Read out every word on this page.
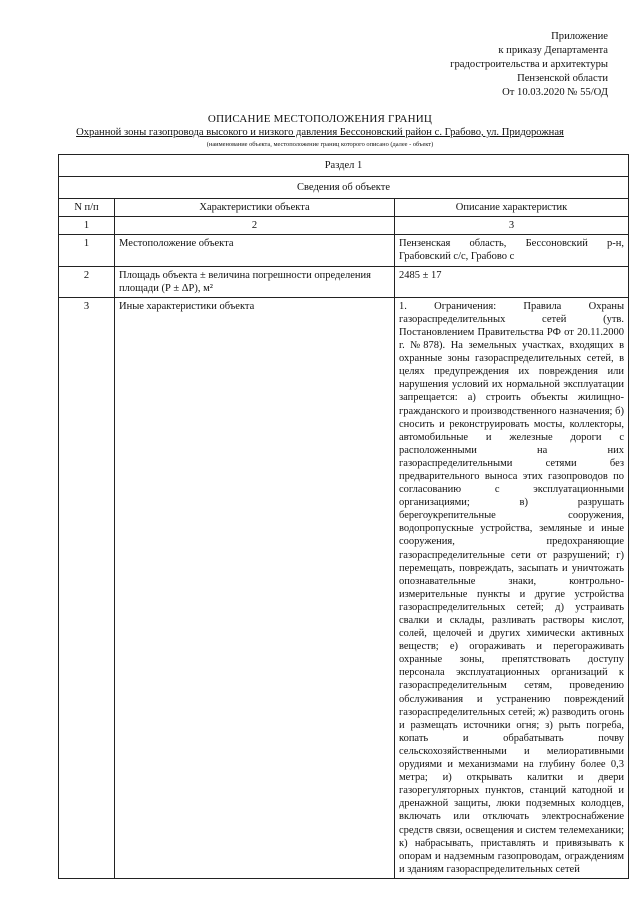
Приложение
к приказу Департамента
градостроительства и архитектуры
Пензенской области
От 10.03.2020 № 55/ОД
ОПИСАНИЕ МЕСТОПОЛОЖЕНИЯ ГРАНИЦ
Охранной зоны газопровода высокого и низкого давления Бессоновский район с. Грабово, ул. Придорожная
(наименование объекта, местоположение границ которого описано (далее - объект)
Раздел 1		
Сведения об объекте		
N п/п	Характеристики объекта	Описание характеристик
1	2	3
1	Местоположение объекта	Пензенская область, Бессоновский р-н, Грабовский с/с, Грабово с
2	Площадь объекта ± величина погрешности определения площади (Р ± ΔР), м²	2485 ± 17
3	Иные характеристики объекта	1. Ограничения: Правила Охраны газораспределительных сетей (утв. Постановлением Правительства РФ от 20.11.2000 г. №878). На земельных участках, входящих в охранные зоны газораспределительных сетей, в целях предупреждения их повреждения или нарушения условий их нормальной эксплуатации запрещается: а) строить объекты жилищно-гражданского и производственного назначения; б) сносить и реконструировать мосты, коллекторы, автомобильные и железные дороги с расположенными на них газораспределительными сетями без предварительного выноса этих газопроводов по согласованию с эксплуатационными организациями; в) разрушать берегоукрепительные сооружения, водопропускные устройства, земляные и иные сооружения, предохраняющие газораспределительные сети от разрушений; г) перемещать, повреждать, засыпать и уничтожать опознавательные знаки, контрольно-измерительные пункты и другие устройства газораспределительных сетей; д) устраивать свалки и склады, разливать растворы кислот, солей, щелочей и других химически активных веществ; е) огораживать и перегораживать охранные зоны, препятствовать доступу персонала эксплуатационных организаций к газораспределительным сетям, проведению обслуживания и устранению повреждений газораспределительных сетей; ж) разводить огонь и размещать источники огня; з) рыть погреба, копать и обрабатывать почву сельскохозяйственными и мелиоративными орудиями и механизмами на глубину более 0,3 метра; и) открывать калитки и двери газорегуляторных пунктов, станций катодной и дренажной защиты, люки подземных колодцев, включать или отключать электроснабжение средств связи, освещения и систем телемеханики; к) набрасывать, приставлять и привязывать к опорам и надземным газопроводам, ограждениям и зданиям газораспределительных сетей
